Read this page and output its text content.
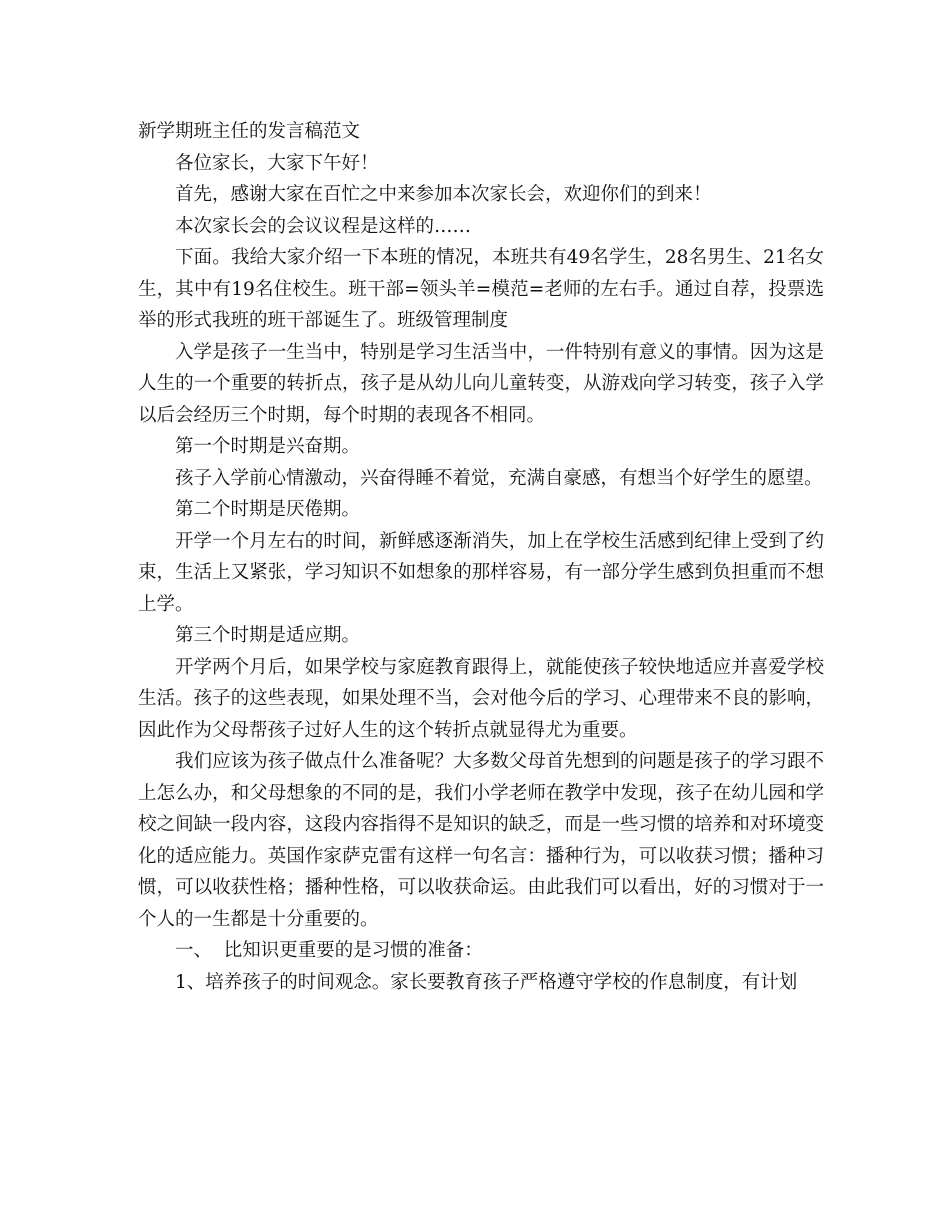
新学期班主任的发言稿范文

各位家长，大家下午好！

首先，感谢大家在百忙之中来参加本次家长会，欢迎你们的到来！

本次家长会的会议议程是这样的……

下面。我给大家介绍一下本班的情况，本班共有49名学生，28名男生、21名女生，其中有19名住校生。班干部=领头羊=模范=老师的左右手。通过自荐，投票选举的形式我班的班干部诞生了。班级管理制度

入学是孩子一生当中，特别是学习生活当中，一件特别有意义的事情。因为这是人生的一个重要的转折点，孩子是从幼儿向儿童转变，从游戏向学习转变，孩子入学以后会经历三个时期，每个时期的表现各不相同。

第一个时期是兴奋期。

孩子入学前心情激动，兴奋得睡不着觉，充满自豪感，有想当个好学生的愿望。

第二个时期是厌倦期。

开学一个月左右的时间，新鲜感逐渐消失，加上在学校生活感到纪律上受到了约束，生活上又紧张，学习知识不如想象的那样容易，有一部分学生感到负担重而不想上学。

第三个时期是适应期。

开学两个月后，如果学校与家庭教育跟得上，就能使孩子较快地适应并喜爱学校生活。孩子的这些表现，如果处理不当，会对他今后的学习、心理带来不良的影响，因此作为父母帮孩子过好人生的这个转折点就显得尤为重要。

我们应该为孩子做点什么准备呢？大多数父母首先想到的问题是孩子的学习跟不上怎么办，和父母想象的不同的是，我们小学老师在教学中发现，孩子在幼儿园和学校之间缺一段内容，这段内容指得不是知识的缺乏，而是一些习惯的培养和对环境变化的适应能力。英国作家萨克雷有这样一句名言：播种行为，可以收获习惯；播种习惯，可以收获性格；播种性格，可以收获命运。由此我们可以看出，好的习惯对于一个人的一生都是十分重要的。

一、  比知识更重要的是习惯的准备：

1、培养孩子的时间观念。家长要教育孩子严格遵守学校的作息制度，有计划
